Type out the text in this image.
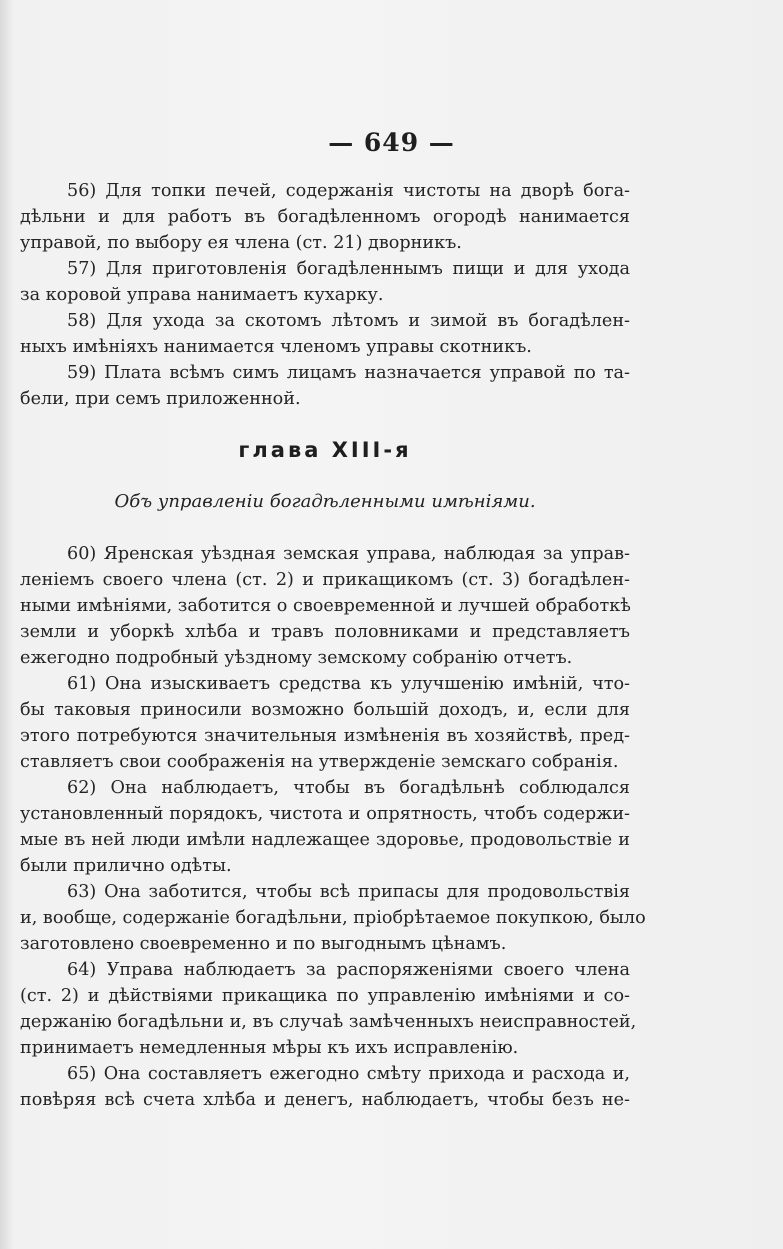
— 649 —
56) Для топки печей, содержанія чистоты на дворѣ бога-
дѣльни и для работъ въ богадѣленномъ огородѣ нанимается
управой, по выбору ея члена (ст. 21) дворникъ.
57) Для приготовленія богадѣленнымъ пищи и для ухода
за коровой управа нанимаетъ кухарку.
58) Для ухода за скотомъ лѣтомъ и зимой въ богадѣлен-
ныхъ имѣніяхъ нанимается членомъ управы скотникъ.
59) Плата всѣмъ симъ лицамъ назначается управой по та-
бели, при семъ приложенной.
глава XIII-я
Объ управленіи богадѣленными имѣніями.
60) Яренская уѣздная земская управа, наблюдая за управ-
леніемъ своего члена (ст. 2) и прикащикомъ (ст. 3) богадѣлен-
ными имѣніями, заботится о своевременной и лучшей обработкѣ
земли и уборкѣ хлѣба и травъ половниками и представляетъ
ежегодно подробный уѣздному земскому собранію отчетъ.
61) Она изыскиваетъ средства къ улучшенію имѣній, что-
бы таковыя приносили возможно большій доходъ, и, если для
этого потребуются значительныя измѣненія въ хозяйствѣ, пред-
ставляетъ свои соображенія на утвержденіе земскаго собранія.
62) Она наблюдаетъ, чтобы въ богадѣльнѣ соблюдался
установленный порядокъ, чистота и опрятность, чтобъ содержи-
мые въ ней люди имѣли надлежащее здоровье, продовольствіе и
были прилично одѣты.
63) Она заботится, чтобы всѣ припасы для продовольствія
и, вообще, содержаніе богадѣльни, пріобрѣтаемое покупкою, было
заготовлено своевременно и по выгоднымъ цѣнамъ.
64) Управа наблюдаетъ за распоряженіями своего члена
(ст. 2) и дѣйствіями прикащика по управленію имѣніями и со-
держанію богадѣльни и, въ случаѣ замѣченныхъ неисправностей,
принимаетъ немедленныя мѣры къ ихъ исправленію.
65) Она составляетъ ежегодно смѣту прихода и расхода и,
повѣряя всѣ счета хлѣба и денегъ, наблюдаетъ, чтобы безъ не-
